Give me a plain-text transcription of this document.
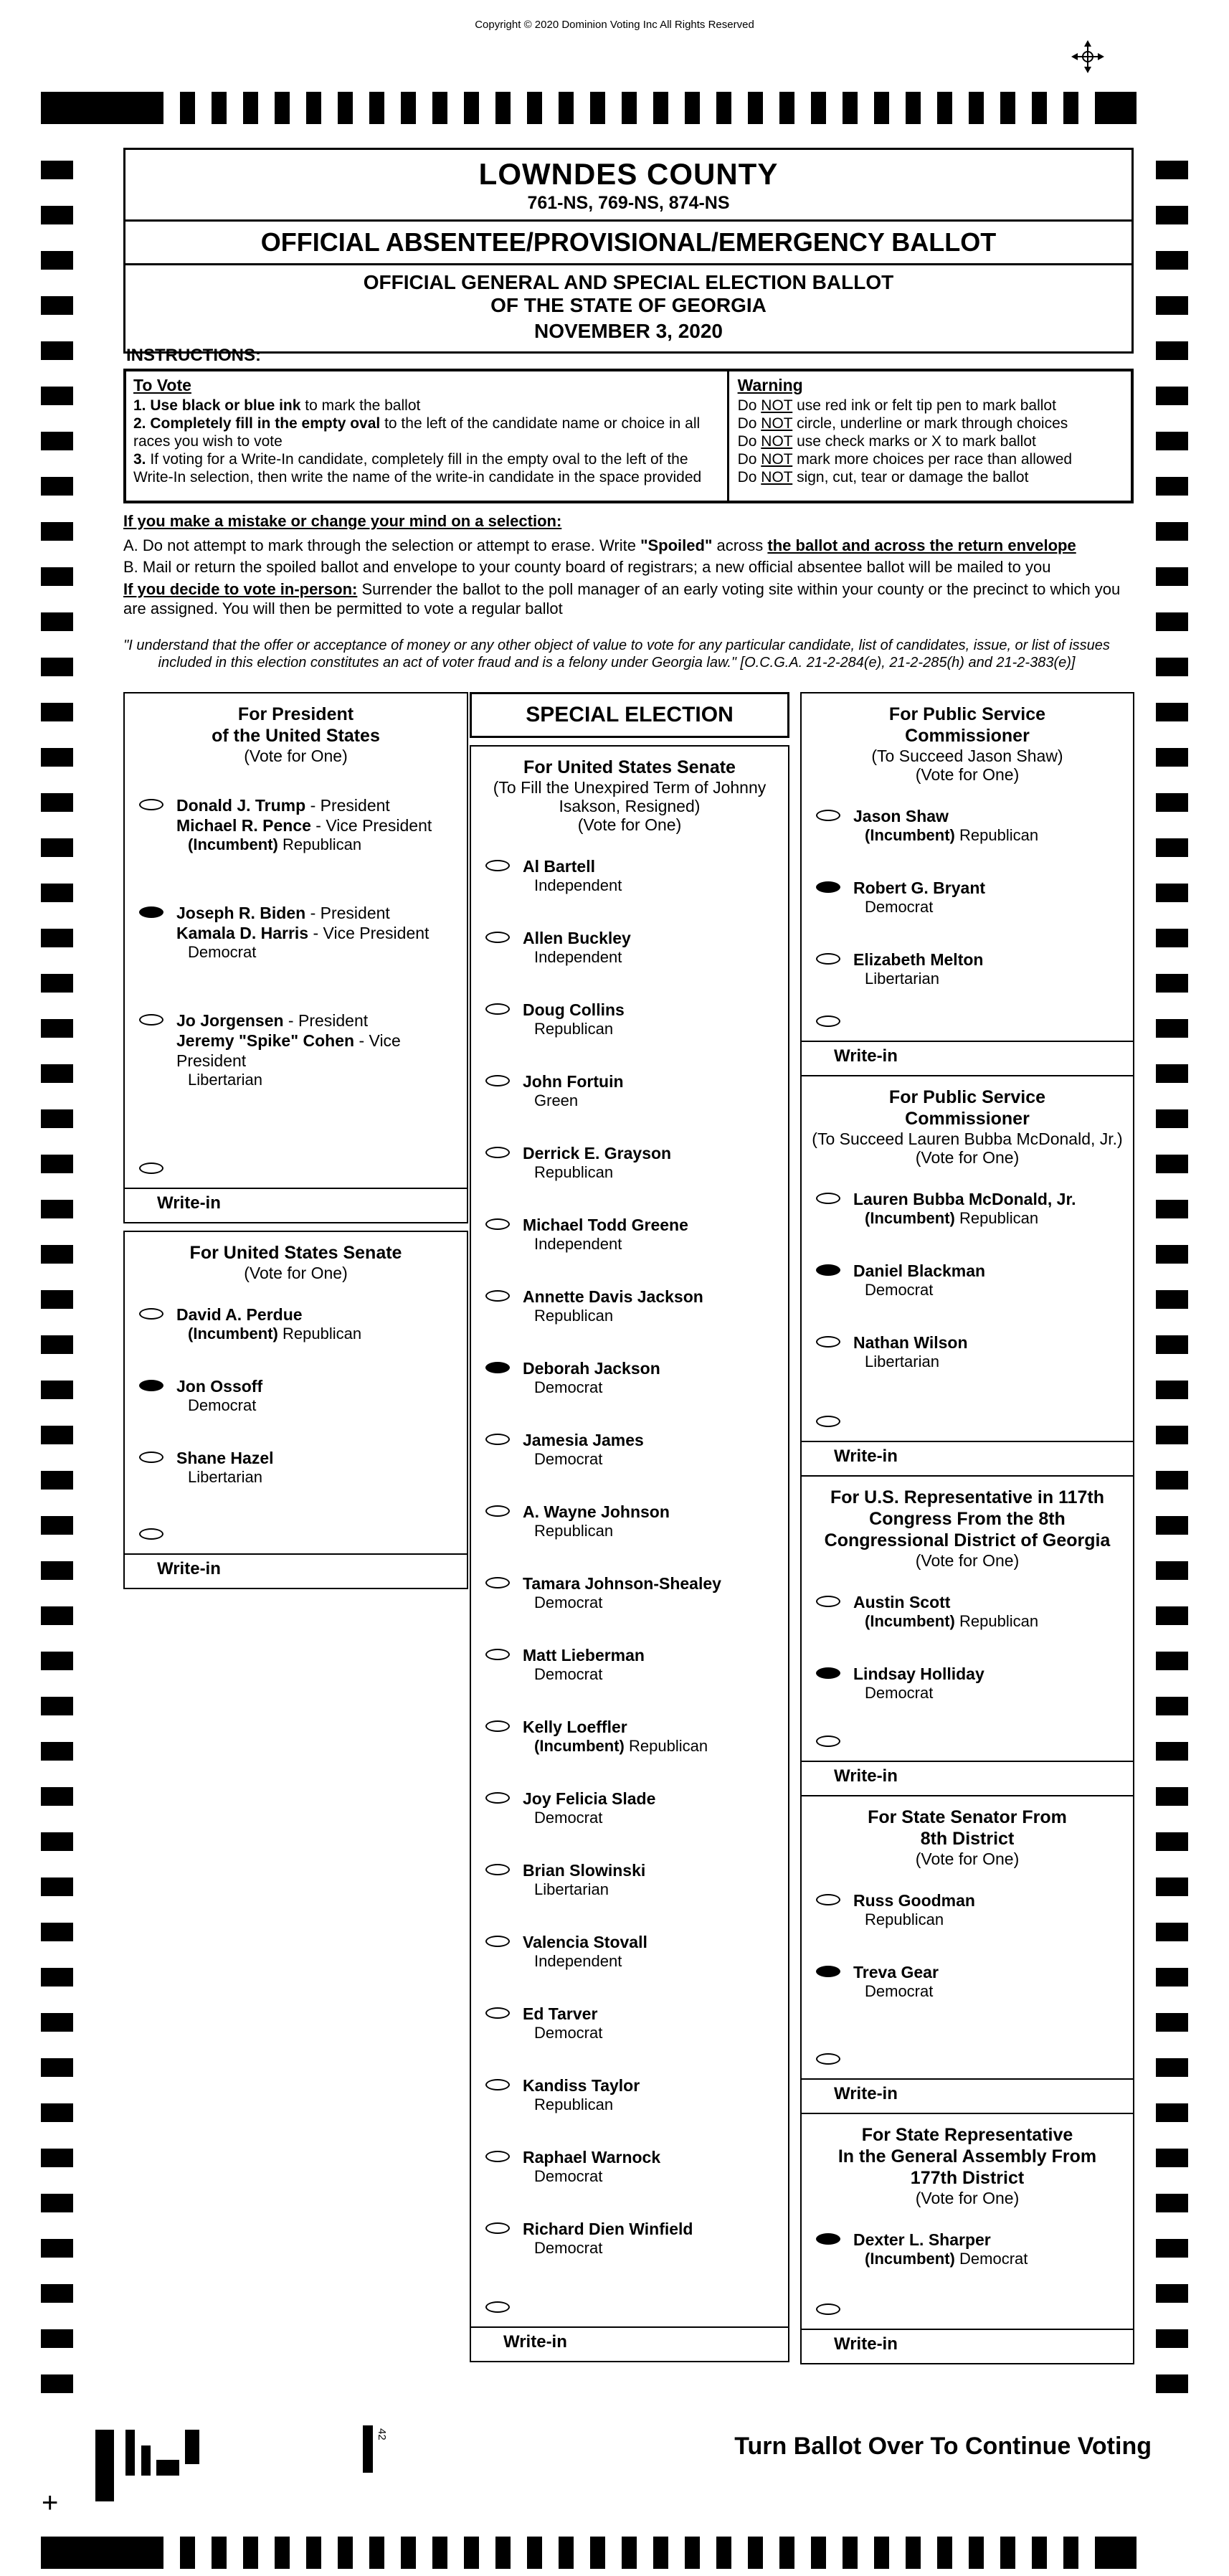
Copyright © 2020 Dominion Voting Inc All Rights Reserved
LOWNDES COUNTY
761-NS, 769-NS, 874-NS
OFFICIAL ABSENTEE/PROVISIONAL/EMERGENCY BALLOT
OFFICIAL GENERAL AND SPECIAL ELECTION BALLOT
OF THE STATE OF GEORGIA
NOVEMBER 3, 2020
INSTRUCTIONS:
To Vote
1. Use black or blue ink to mark the ballot
2. Completely fill in the empty oval to the left of the candidate name or choice in all races you wish to vote
3. If voting for a Write-In candidate, completely fill in the empty oval to the left of the Write-In selection, then write the name of the write-in candidate in the space provided
Warning
Do NOT use red ink or felt tip pen to mark ballot
Do NOT circle, underline or mark through choices
Do NOT use check marks or X to mark ballot
Do NOT mark more choices per race than allowed
Do NOT sign, cut, tear or damage the ballot
If you make a mistake or change your mind on a selection:
A. Do not attempt to mark through the selection or attempt to erase. Write "Spoiled" across the ballot and across the return envelope
B. Mail or return the spoiled ballot and envelope to your county board of registrars; a new official absentee ballot will be mailed to you
If you decide to vote in-person: Surrender the ballot to the poll manager of an early voting site within your county or the precinct to which you are assigned. You will then be permitted to vote a regular ballot
"I understand that the offer or acceptance of money or any other object of value to vote for any particular candidate, list of candidates, issue, or list of issues included in this election constitutes an act of voter fraud and is a felony under Georgia law." [O.C.G.A. 21-2-284(e), 21-2-285(h) and 21-2-383(e)]
For President
of the United States
(Vote for One)
Donald J. Trump - President
Michael R. Pence - Vice President
(Incumbent) Republican
Joseph R. Biden - President
Kamala D. Harris - Vice President
Democrat
Jo Jorgensen - President
Jeremy "Spike" Cohen - Vice President
Libertarian
Write-in
For United States Senate
(Vote for One)
David A. Perdue
(Incumbent) Republican
Jon Ossoff
Democrat
Shane Hazel
Libertarian
Write-in
SPECIAL ELECTION
For United States Senate
(To Fill the Unexpired Term of Johnny
Isakson, Resigned)
(Vote for One)
Al Bartell
Independent
Allen Buckley
Independent
Doug Collins
Republican
John Fortuin
Green
Derrick E. Grayson
Republican
Michael Todd Greene
Independent
Annette Davis Jackson
Republican
Deborah Jackson
Democrat
Jamesia James
Democrat
A. Wayne Johnson
Republican
Tamara Johnson-Shealey
Democrat
Matt Lieberman
Democrat
Kelly Loeffler
(Incumbent) Republican
Joy Felicia Slade
Democrat
Brian Slowinski
Libertarian
Valencia Stovall
Independent
Ed Tarver
Democrat
Kandiss Taylor
Republican
Raphael Warnock
Democrat
Richard Dien Winfield
Democrat
Write-in
For Public Service
Commissioner
(To Succeed Jason Shaw)
(Vote for One)
Jason Shaw
(Incumbent) Republican
Robert G. Bryant
Democrat
Elizabeth Melton
Libertarian
Write-in
For Public Service
Commissioner
(To Succeed Lauren Bubba McDonald, Jr.)
(Vote for One)
Lauren Bubba McDonald, Jr.
(Incumbent) Republican
Daniel Blackman
Democrat
Nathan Wilson
Libertarian
Write-in
For U.S. Representative in 117th
Congress From the 8th
Congressional District of Georgia
(Vote for One)
Austin Scott
(Incumbent) Republican
Lindsay Holliday
Democrat
Write-in
For State Senator From
8th District
(Vote for One)
Russ Goodman
Republican
Treva Gear
Democrat
Write-in
For State Representative
In the General Assembly From
177th District
(Vote for One)
Dexter L. Sharper
(Incumbent) Democrat
Write-in
42
+
Turn Ballot Over To Continue Voting
